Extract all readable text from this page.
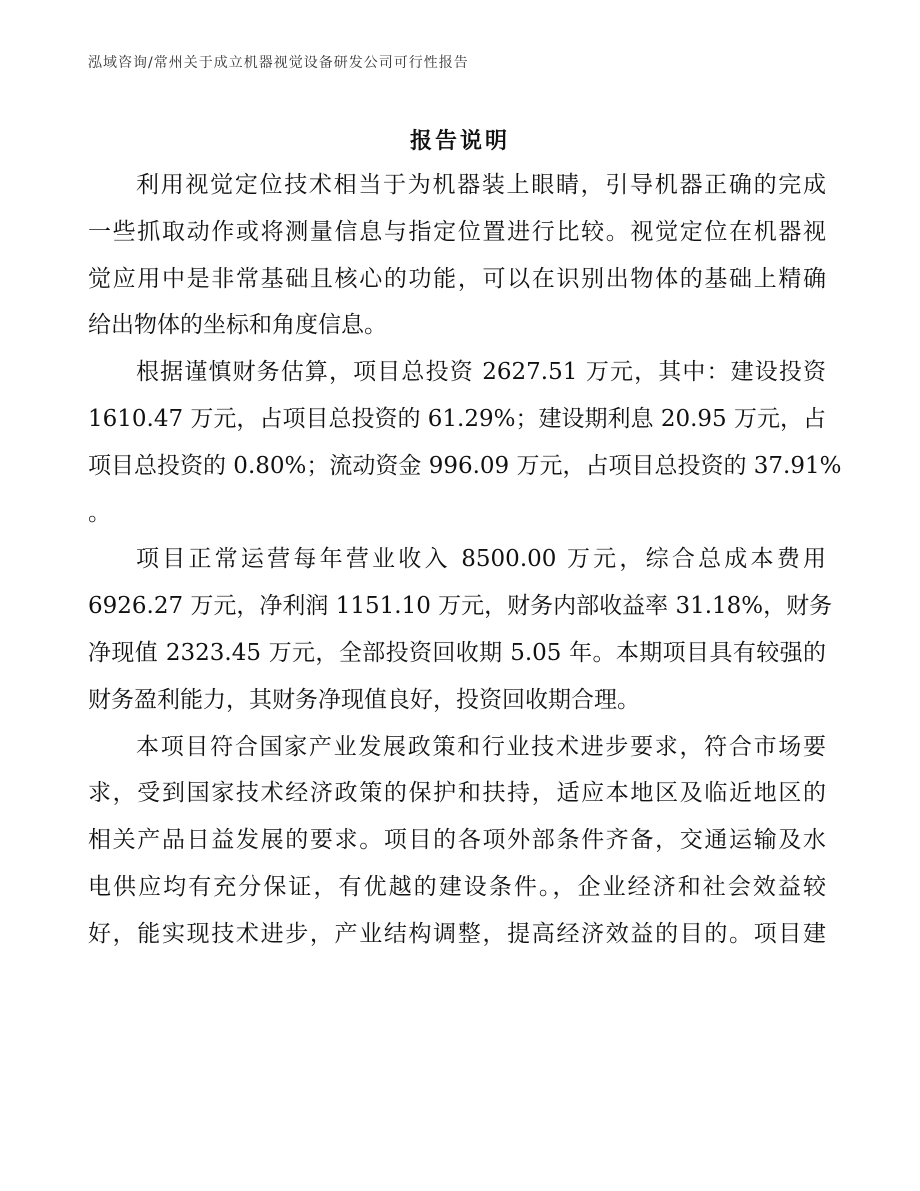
泓域咨询/常州关于成立机器视觉设备研发公司可行性报告
报告说明
利用视觉定位技术相当于为机器装上眼睛，引导机器正确的完成
一些抓取动作或将测量信息与指定位置进行比较。视觉定位在机器视
觉应用中是非常基础且核心的功能，可以在识别出物体的基础上精确
给出物体的坐标和角度信息。
根据谨慎财务估算，项目总投资 2627.51 万元，其中：建设投资
1610.47 万元，占项目总投资的 61.29%；建设期利息 20.95 万元，占
项目总投资的 0.80%；流动资金 996.09 万元，占项目总投资的 37.91%
。
项目正常运营每年营业收入 8500.00 万元，综合总成本费用
6926.27 万元，净利润 1151.10 万元，财务内部收益率 31.18%，财务
净现值 2323.45 万元，全部投资回收期 5.05 年。本期项目具有较强的
财务盈利能力，其财务净现值良好，投资回收期合理。
本项目符合国家产业发展政策和行业技术进步要求，符合市场要
求，受到国家技术经济政策的保护和扶持，适应本地区及临近地区的
相关产品日益发展的要求。项目的各项外部条件齐备，交通运输及水
电供应均有充分保证，有优越的建设条件。，企业经济和社会效益较
好，能实现技术进步，产业结构调整，提高经济效益的目的。项目建
